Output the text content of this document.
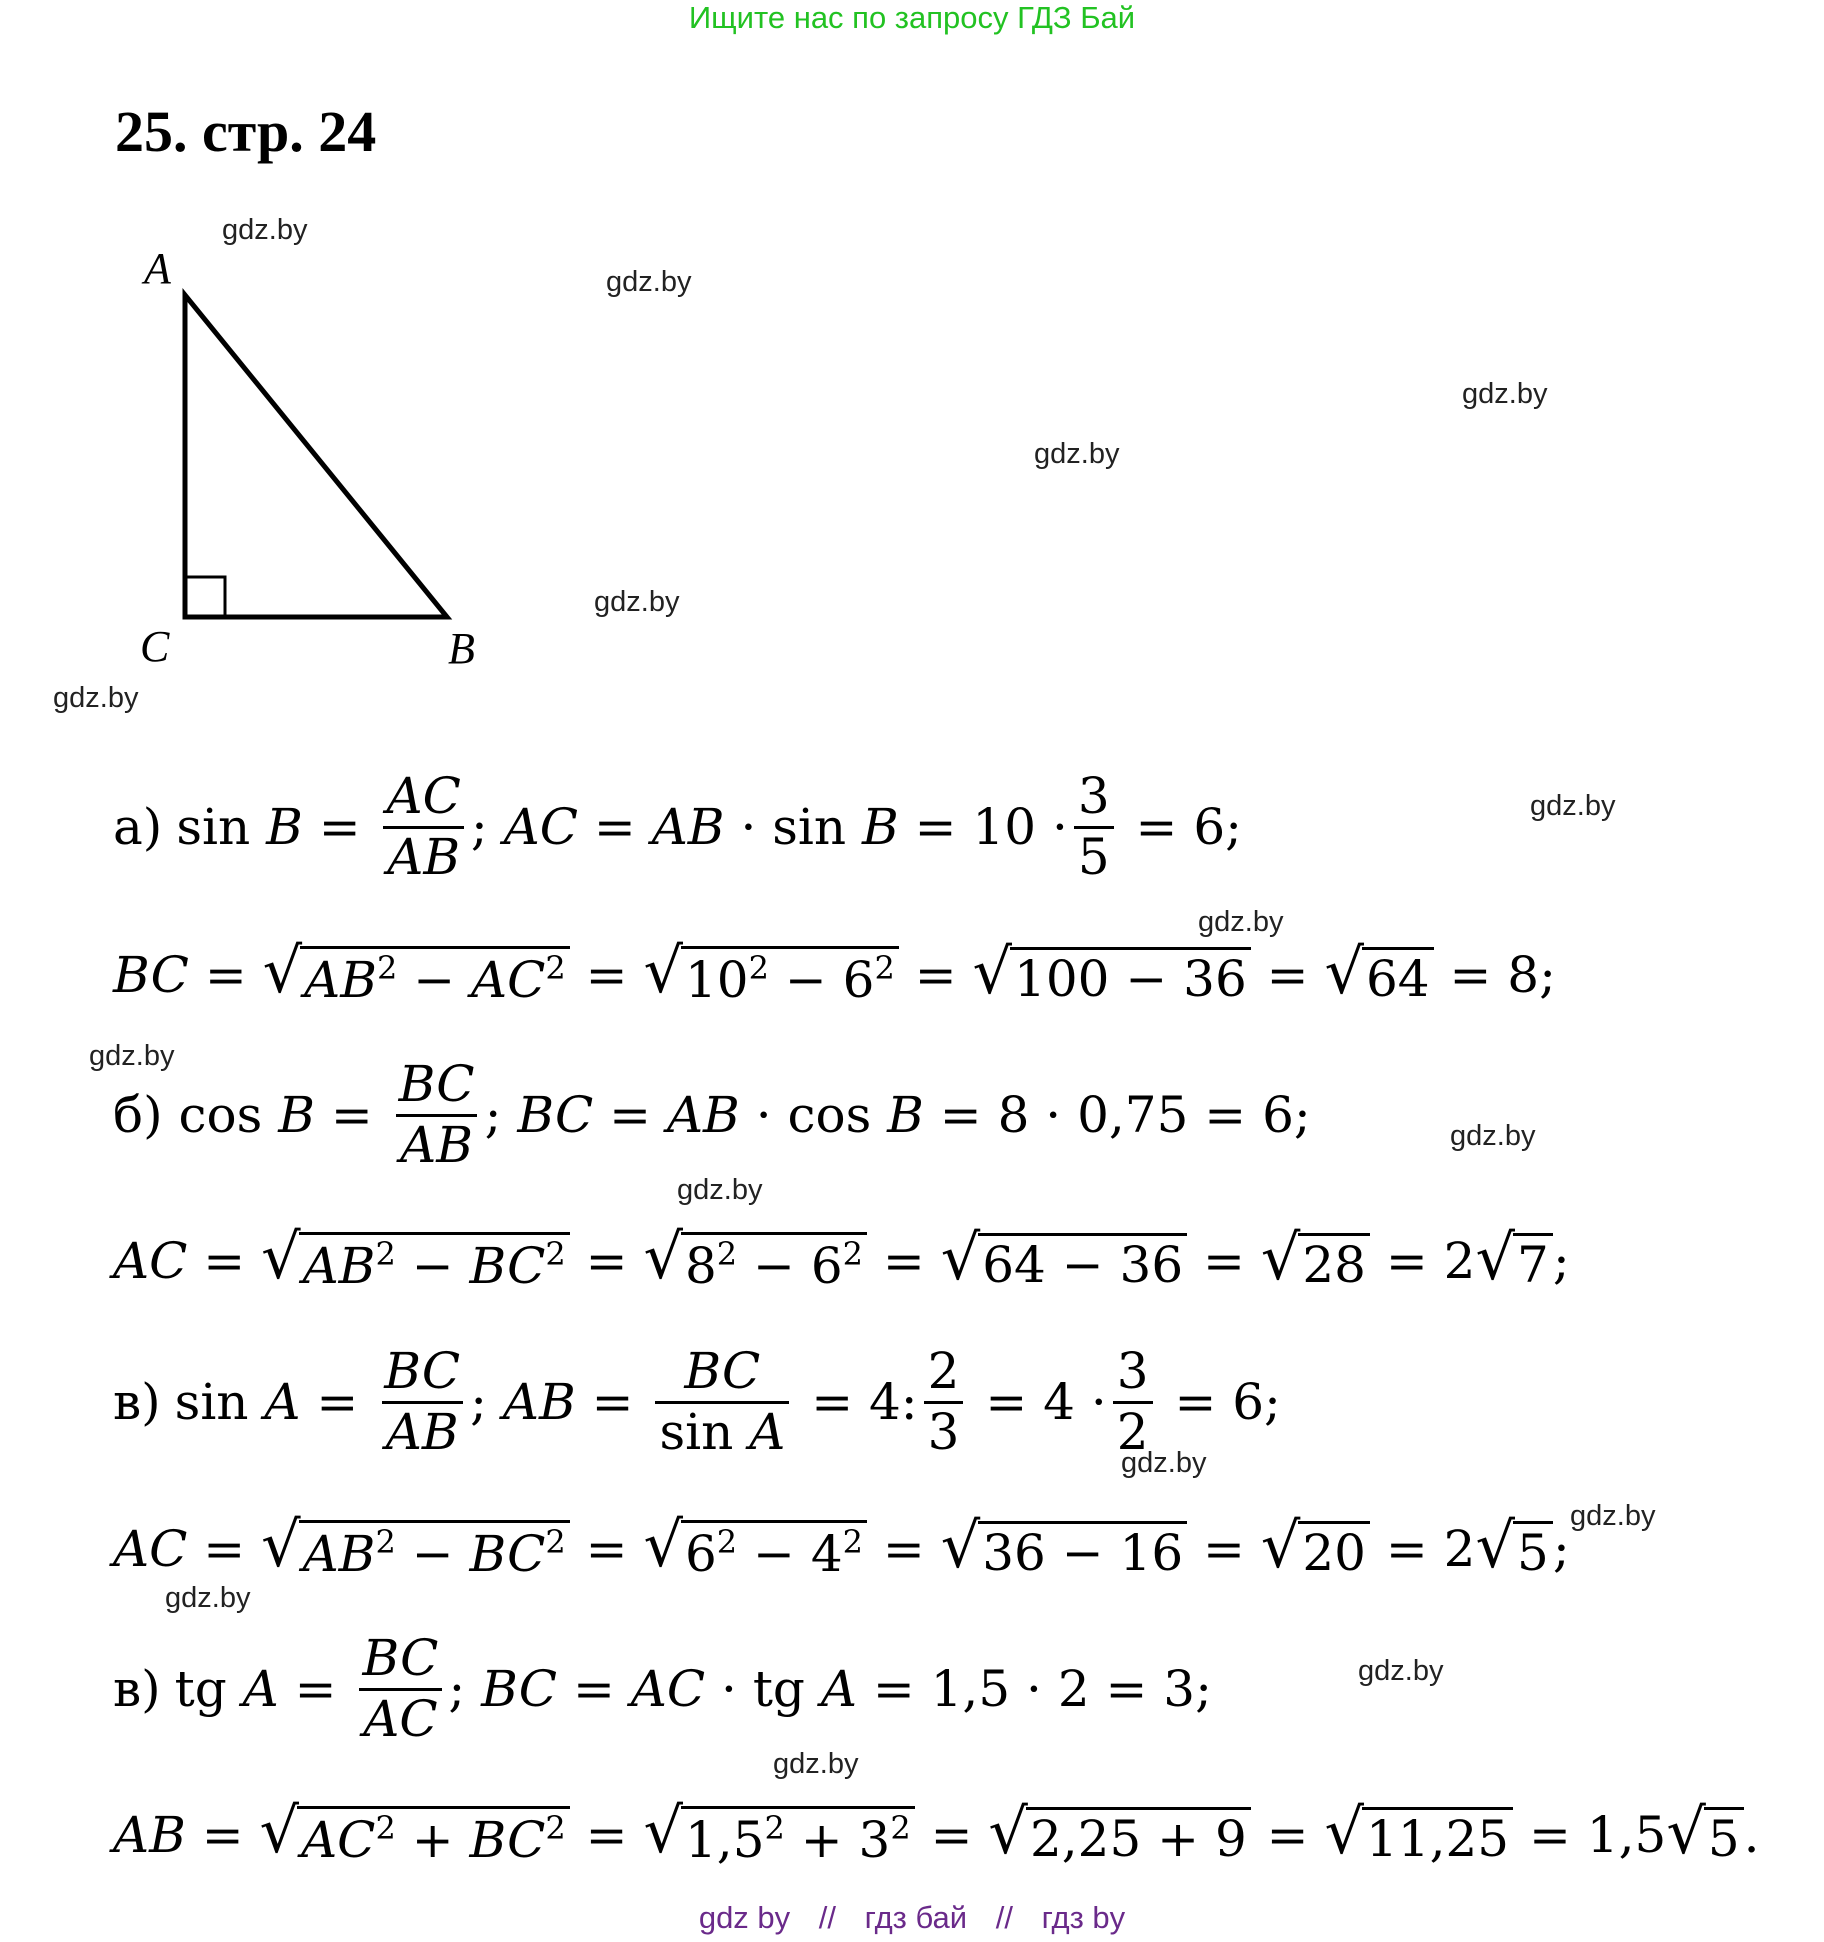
Ищите нас по запросу ГДЗ Бай
25. стр. 24
A
C	B
gdz.by
gdz.by
gdz.by
gdz.by
gdz.by
gdz.by
gdz.by
gdz.by
gdz.by
gdz.by
gdz.by
gdz.by
gdz.by
gdz.by
gdz.by
gdz.by
а) $\sin B = \frac{AC}{AB}$ ; AC = AB · $\sin B = 10 \cdot \frac{3}{5} = 6$;
BC = √ $AB^2 - AC^2$ = √ $10^2 - 6^2$ = √ 100 − 36 = √ 64 = 8;
б)
$\cos B = \frac{BC}{AB}$ ; BC = AB · cos B = 8 · 0,75 = 6;
AC = √ $AB^2 - BC^2$ = √ $8^2 - 6^2$ = √ 64 − 36 = √ 28 = 2 √ 7 ;
в) $\sin A = \frac{BC}{AB}$ ; AB = $\frac{BC}{\text{sin A}} = 4$: $\frac{2}{3} = 4 \cdot \frac{3}{2} = 6$;
AC = √ $AB^2 - BC^2$ = √ $6^2 - 4^2$ = √ 36 − 16 = √ 20 = 2 √ 5 ;
в) tg $A = \frac{BC}{AC}$ ; BC = AC · tg A = 1,5 · 2 = 3;
AB = √ $AC^2 + BC^2$ = √ $1,5^2 + 3^2$ = √ 2,25 + 9 = √ 11,25 = 1,5 √ 5 .
gdz by // гдз бай // гдз by
